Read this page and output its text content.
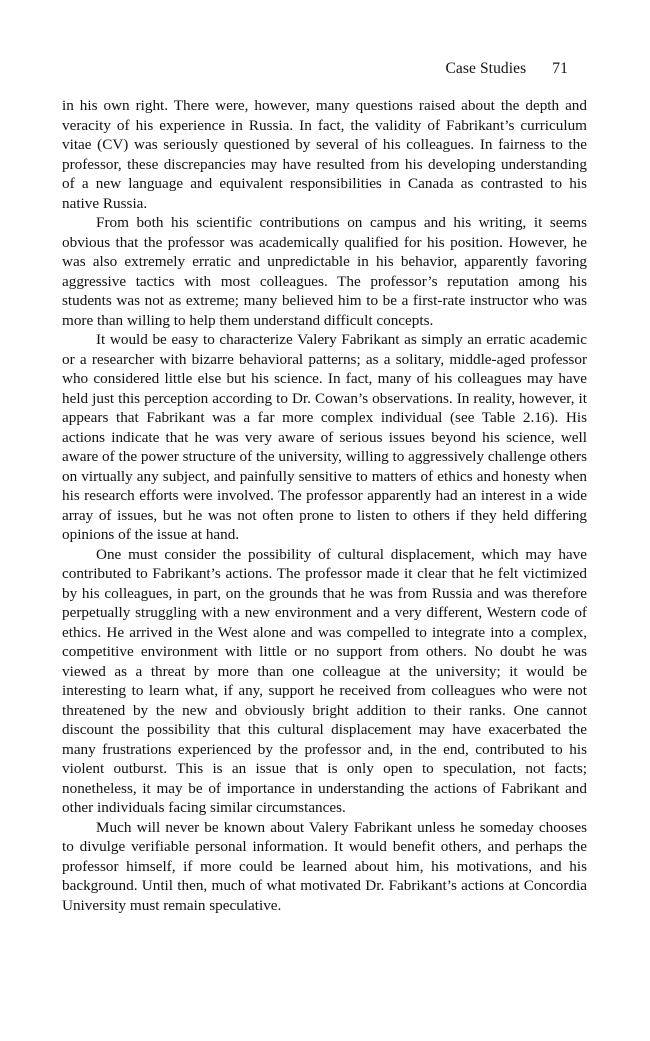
Case Studies 71

in his own right. There were, however, many questions raised about the depth and veracity of his experience in Russia. In fact, the validity of Fabrikant’s curriculum vitae (CV) was seriously questioned by several of his colleagues. In fairness to the professor, these discrepancies may have resulted from his developing understanding of a new language and equivalent responsibilities in Canada as contrasted to his native Russia.

From both his scientific contributions on campus and his writing, it seems obvious that the professor was academically qualified for his position. However, he was also extremely erratic and unpredictable in his behavior, apparently favoring aggressive tactics with most colleagues. The professor’s reputation among his students was not as extreme; many believed him to be a first-rate instructor who was more than willing to help them understand difficult concepts.

It would be easy to characterize Valery Fabrikant as simply an erratic academic or a researcher with bizarre behavioral patterns; as a solitary, middle-aged professor who considered little else but his science. In fact, many of his colleagues may have held just this perception according to Dr. Cowan’s observations. In reality, however, it appears that Fabrikant was a far more complex individual (see Table 2.16). His actions indicate that he was very aware of serious issues beyond his science, well aware of the power structure of the university, willing to aggressively challenge others on virtually any subject, and painfully sensitive to matters of ethics and honesty when his research efforts were involved. The professor apparently had an interest in a wide array of issues, but he was not often prone to listen to others if they held differing opinions of the issue at hand.

One must consider the possibility of cultural displacement, which may have contributed to Fabrikant’s actions. The professor made it clear that he felt victimized by his colleagues, in part, on the grounds that he was from Russia and was therefore perpetually struggling with a new environment and a very different, Western code of ethics. He arrived in the West alone and was compelled to integrate into a complex, competitive environment with little or no support from others. No doubt he was viewed as a threat by more than one colleague at the university; it would be interesting to learn what, if any, support he received from colleagues who were not threatened by the new and obviously bright addition to their ranks. One cannot discount the possibility that this cultural displacement may have exacerbated the many frustrations experienced by the professor and, in the end, contributed to his violent outburst. This is an issue that is only open to speculation, not facts; nonetheless, it may be of importance in understanding the actions of Fabrikant and other individuals facing similar circumstances.

Much will never be known about Valery Fabrikant unless he someday chooses to divulge verifiable personal information. It would benefit others, and perhaps the professor himself, if more could be learned about him, his motivations, and his background. Until then, much of what motivated Dr. Fabrikant’s actions at Concordia University must remain speculative.
